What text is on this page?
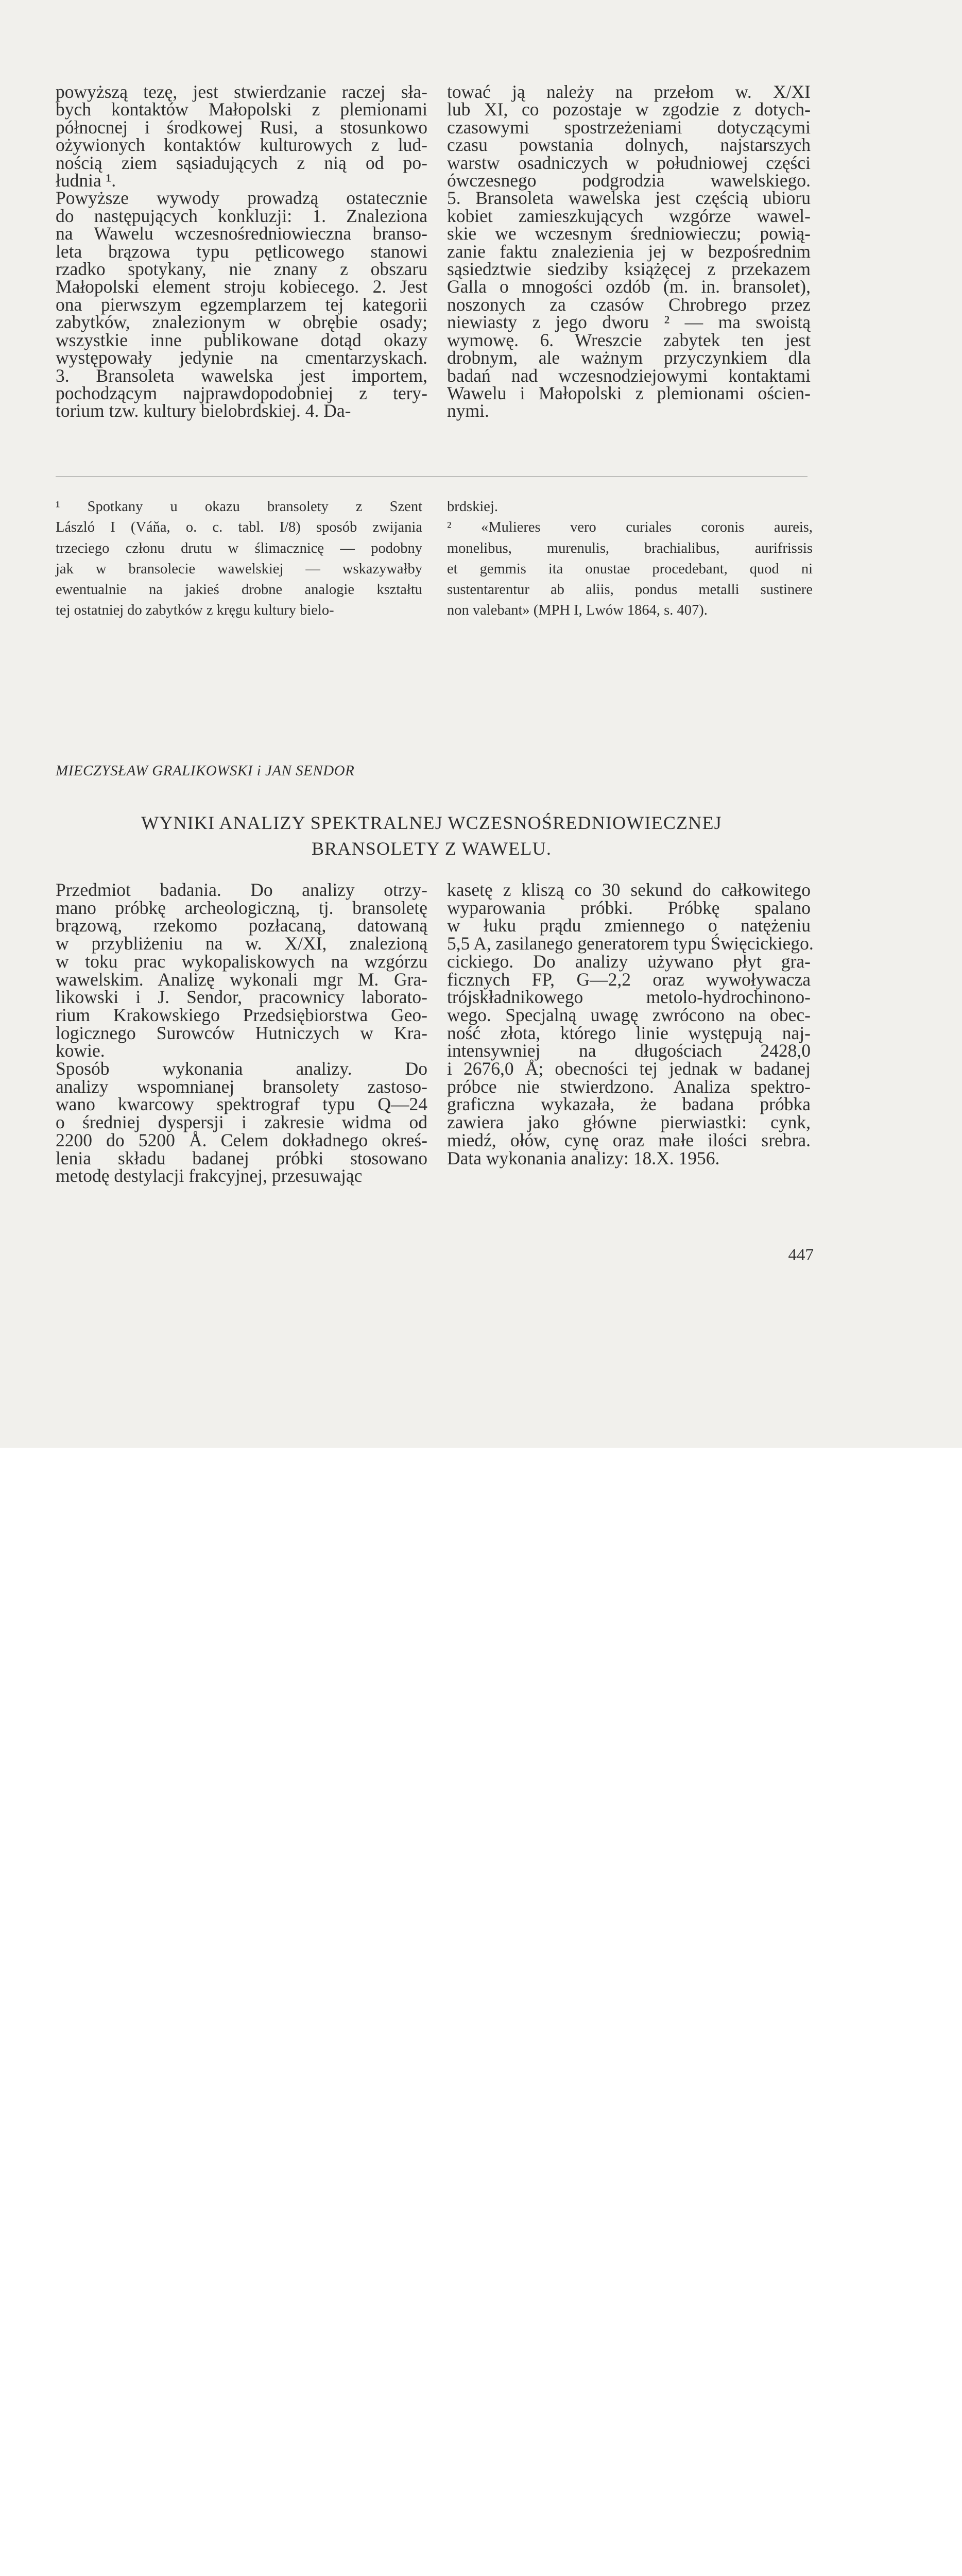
powyższą tezę, jest stwierdzanie raczej sła-
bych kontaktów Małopolski z plemionami
północnej i środkowej Rusi, a stosunkowo
ożywionych kontaktów kulturowych z lud-
nością ziem sąsiadujących z nią od po-
łudnia ¹.
Powyższe wywody prowadzą ostatecznie
do następujących konkluzji: 1. Znaleziona
na Wawelu wczesnośredniowieczna branso-
leta brązowa typu pętlicowego stanowi
rzadko spotykany, nie znany z obszaru
Małopolski element stroju kobiecego. 2. Jest
ona pierwszym egzemplarzem tej kategorii
zabytków, znalezionym w obrębie osady;
wszystkie inne publikowane dotąd okazy
występowały jedynie na cmentarzyskach.
3. Bransoleta wawelska jest importem,
pochodzącym najprawdopodobniej z tery-
torium tzw. kultury bielobrdskiej. 4. Da-
tować ją należy na przełom w. X/XI
lub XI, co pozostaje w zgodzie z dotych-
czasowymi spostrzeżeniami dotyczącymi
czasu powstania dolnych, najstarszych
warstw osadniczych w południowej części
ówczesnego podgrodzia wawelskiego.
5. Bransoleta wawelska jest częścią ubioru
kobiet zamieszkujących wzgórze wawel-
skie we wczesnym średniowieczu; powią-
zanie faktu znalezienia jej w bezpośrednim
sąsiedztwie siedziby książęcej z przekazem
Galla o mnogości ozdób (m. in. bransolet),
noszonych za czasów Chrobrego przez
niewiasty z jego dworu ² — ma swoistą
wymowę. 6. Wreszcie zabytek ten jest
drobnym, ale ważnym przyczynkiem dla
badań nad wczesnodziejowymi kontaktami
Wawelu i Małopolski z plemionami ościen-
nymi.
¹ Spotkany u okazu bransolety z Szent
László I (Váňa, o. c. tabl. I/8) sposób zwijania
trzeciego członu drutu w ślimacznicę — podobny
jak w bransolecie wawelskiej — wskazywałby
ewentualnie na jakieś drobne analogie kształtu
tej ostatniej do zabytków z kręgu kultury bielo-
brdskiej.
² «Mulieres vero curiales coronis aureis,
monelibus, murenulis, brachialibus, aurifrissis
et gemmis ita onustae procedebant, quod ni
sustentarentur ab aliis, pondus metalli sustinere
non valebant» (MPH I, Lwów 1864, s. 407).

MIECZYSŁAW GRALIKOWSKI i JAN SENDOR

WYNIKI ANALIZY SPEKTRALNEJ WCZESNOŚREDNIOWIECZNEJ

BRANSOLETY Z WAWELU.

Przedmiot badania. Do analizy otrzy-
mano próbkę archeologiczną, tj. bransoletę
brązową, rzekomo pozłacaną, datowaną
w przybliżeniu na w. X/XI, znalezioną
w toku prac wykopaliskowych na wzgórzu
wawelskim. Analizę wykonali mgr M. Gra-
likowski i J. Sendor, pracownicy laborato-
rium Krakowskiego Przedsiębiorstwa Geo-
logicznego Surowców Hutniczych w Kra-
kowie.
Sposób wykonania analizy. Do
analizy wspomnianej bransolety zastoso-
wano kwarcowy spektrograf typu Q—24
o średniej dyspersji i zakresie widma od
2200 do 5200 Å. Celem dokładnego okreś-
lenia składu badanej próbki stosowano
metodę destylacji frakcyjnej, przesuwając
kasetę z kliszą co 30 sekund do całkowitego
wyparowania próbki. Próbkę spalano
w łuku prądu zmiennego o natężeniu
5,5 A, zasilanego generatorem typu Święcickiego.
cickiego. Do analizy używano płyt gra-
ficznych FP, G—2,2 oraz wywoływacza
trójskładnikowego metolo-hydrochinono-
wego. Specjalną uwagę zwrócono na obec-
ność złota, którego linie występują naj-
intensywniej na długościach 2428,0
i 2676,0 Å; obecności tej jednak w badanej
próbce nie stwierdzono. Analiza spektro-
graficzna wykazała, że badana próbka
zawiera jako główne pierwiastki: cynk,
miedź, ołów, cynę oraz małe ilości srebra.
Data wykonania analizy: 18.X. 1956.

447
